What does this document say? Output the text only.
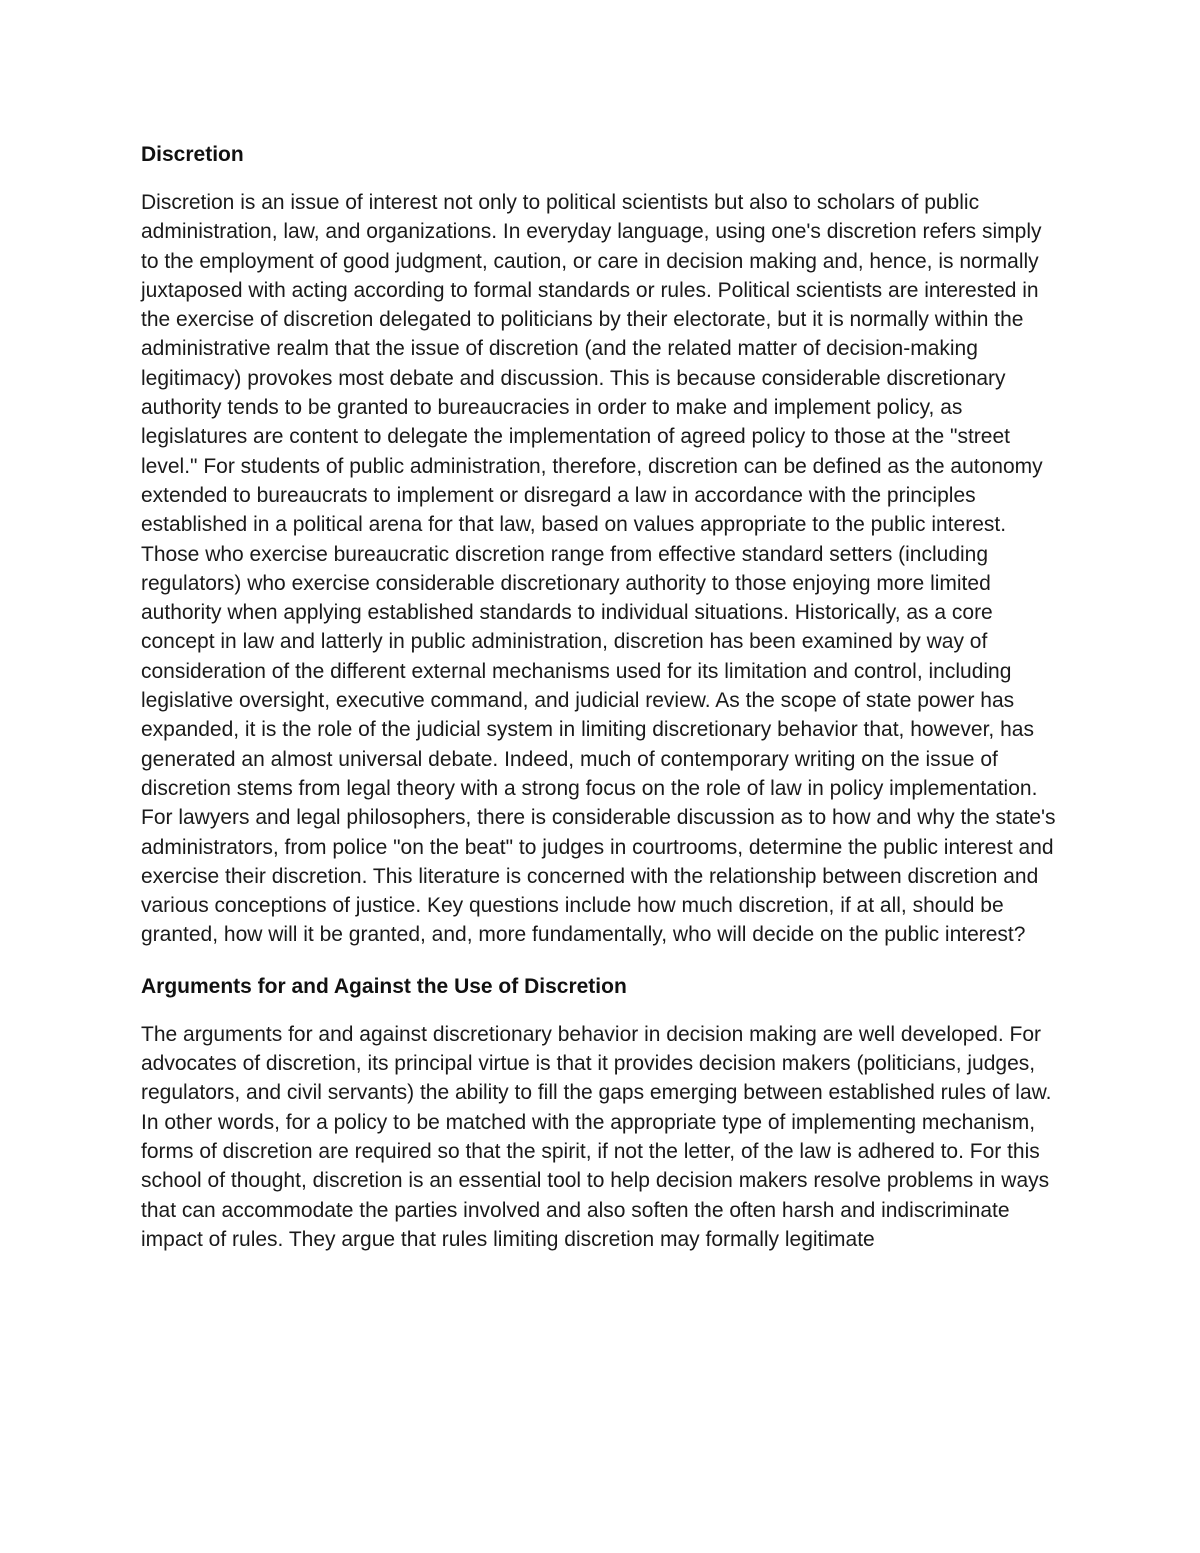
Discretion

Discretion is an issue of interest not only to political scientists but also to scholars of public administration, law, and organizations. In everyday language, using one's discretion refers simply to the employment of good judgment, caution, or care in decision making and, hence, is normally juxtaposed with acting according to formal standards or rules. Political scientists are interested in the exercise of discretion delegated to politicians by their electorate, but it is normally within the administrative realm that the issue of discretion (and the related matter of decision-making legitimacy) provokes most debate and discussion. This is because considerable discretionary authority tends to be granted to bureaucracies in order to make and implement policy, as legislatures are content to delegate the implementation of agreed policy to those at the "street level." For students of public administration, therefore, discretion can be defined as the autonomy extended to bureaucrats to implement or disregard a law in accordance with the principles established in a political arena for that law, based on values appropriate to the public interest. Those who exercise bureaucratic discretion range from effective standard setters (including regulators) who exercise considerable discretionary authority to those enjoying more limited authority when applying established standards to individual situations. Historically, as a core concept in law and latterly in public administration, discretion has been examined by way of consideration of the different external mechanisms used for its limitation and control, including legislative oversight, executive command, and judicial review. As the scope of state power has expanded, it is the role of the judicial system in limiting discretionary behavior that, however, has generated an almost universal debate. Indeed, much of contemporary writing on the issue of discretion stems from legal theory with a strong focus on the role of law in policy implementation. For lawyers and legal philosophers, there is considerable discussion as to how and why the state's administrators, from police "on the beat" to judges in courtrooms, determine the public interest and exercise their discretion. This literature is concerned with the relationship between discretion and various conceptions of justice. Key questions include how much discretion, if at all, should be granted, how will it be granted, and, more fundamentally, who will decide on the public interest?

Arguments for and Against the Use of Discretion

The arguments for and against discretionary behavior in decision making are well developed. For advocates of discretion, its principal virtue is that it provides decision makers (politicians, judges, regulators, and civil servants) the ability to fill the gaps emerging between established rules of law. In other words, for a policy to be matched with the appropriate type of implementing mechanism, forms of discretion are required so that the spirit, if not the letter, of the law is adhered to. For this school of thought, discretion is an essential tool to help decision makers resolve problems in ways that can accommodate the parties involved and also soften the often harsh and indiscriminate impact of rules. They argue that rules limiting discretion may formally legitimate
